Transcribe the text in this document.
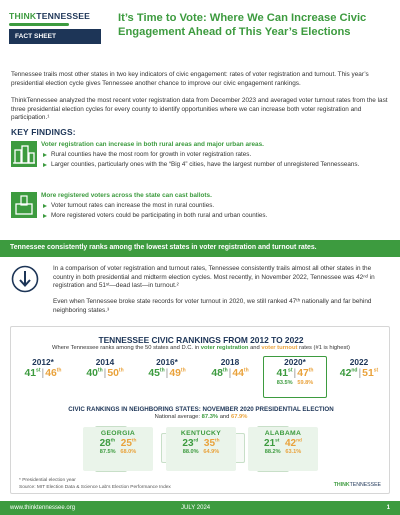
THINKTENNESSEE
FACT SHEET
It’s Time to Vote: Where We Can Increase Civic Engagement Ahead of This Year’s Elections

Tennessee trails most other states in two key indicators of civic engagement: rates of voter registration and turnout. This year’s presidential election cycle gives Tennessee another chance to improve our civic engagement rankings.

ThinkTennessee analyzed the most recent voter registration data from December 2023 and averaged voter turnout rates from the last three presidential election cycles for every county to identify opportunities where we can increase both voter registration and participation.¹

KEY FINDINGS:
Voter registration can increase in both rural areas and major urban areas.
Rural counties have the most room for growth in voter registration rates.
Larger counties, particularly ones with the “Big 4” cities, have the largest number of unregistered Tennesseans.
More registered voters across the state can cast ballots.
Voter turnout rates can increase the most in rural counties.
More registered voters could be participating in both rural and urban counties.
Tennessee consistently ranks among the lowest states in voter registration and turnout rates.

In a comparison of voter registration and turnout rates, Tennessee consistently trails almost all other states in the country in both presidential and midterm election cycles. Most recently, in November 2022, Tennessee was 42ⁿᵈ in registration and 51ˢᵗ—dead last—in turnout.²

Even when Tennessee broke state records for voter turnout in 2020, we still ranked 47ᵗʰ nationally and far behind neighboring states.³

TENNESSEE CIVIC RANKINGS FROM 2012 TO 2022
Where Tennessee ranks among the 50 states and D.C. in voter registration and voter turnout rates (#1 is highest)
2012*
41st|46th
2014
40th|50th
2016*
45th|49th
2018
48th|44th
2020*
41st|47th
83.5% 59.8%
2022
42nd|51st
CIVIC RANKINGS IN NEIGHBORING STATES: NOVEMBER 2020 PRESIDENTIAL ELECTION
National average: 87.3% and 67.9%
GEORGIA
28th 25th
87.5% 68.0%
KENTUCKY
23rd 35th
88.0% 64.9%
ALABAMA
21st 42nd
88.2% 63.1%
* Presidential election year
Source: MIT Election Data & Science Lab’s Election Performance Index	THINKTENNESSEE
www.thinktennessee.org	JULY 2024	1
